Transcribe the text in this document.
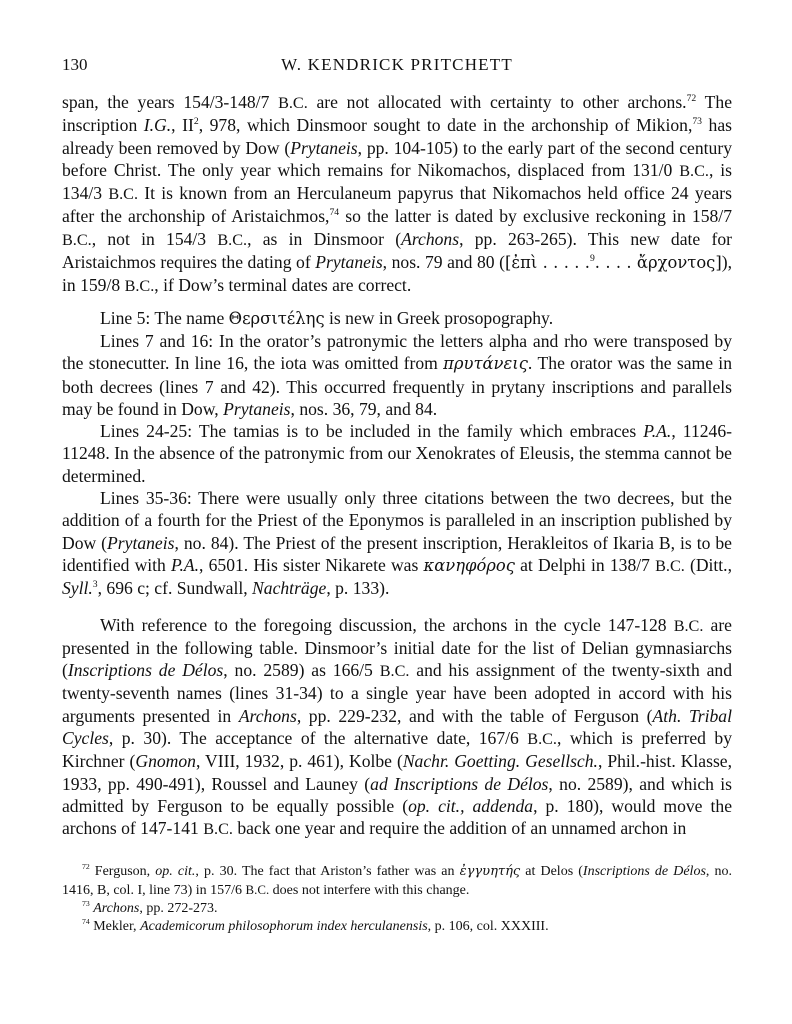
130	W. KENDRICK PRITCHETT

span, the years 154/3-148/7 B.C. are not allocated with certainty to other archons.$^{72}$ The inscription I.G., $II^2$, 978, which Dinsmoor sought to date in the archonship of Mikion,$^{73}$ has already been removed by Dow (Prytaneis, pp. 104-105) to the early part of the second century before Christ. The only year which remains for Nikomachos, displaced from 131/0 B.C., is 134/3 B.C. It is known from an Herculaneum papyrus that Nikomachos held office 24 years after the archonship of Aristaichmos,$^{74}$ so the latter is dated by exclusive reckoning in 158/7 B.C., not in 154/3 B.C., as in Dinsmoor (Archons, pp. 263-265). This new date for Aristaichmos requires the dating of Prytaneis, nos. 79 and 80 ([ἐπὶ . . . . .$^9$. . . . ἄρχοντος]), in 159/8 B.C., if Dow’s terminal dates are correct.

Line 5: The name Θερσιτέλης is new in Greek prosopography.

Lines 7 and 16: In the orator’s patronymic the letters alpha and rho were transposed by the stonecutter. In line 16, the iota was omitted from πρυτάνεις. The orator was the same in both decrees (lines 7 and 42). This occurred frequently in prytany inscriptions and parallels may be found in Dow, Prytaneis, nos. 36, 79, and 84.

Lines 24-25: The tamias is to be included in the family which embraces P.A., 11246-11248. In the absence of the patronymic from our Xenokrates of Eleusis, the stemma cannot be determined.

Lines 35-36: There were usually only three citations between the two decrees, but the addition of a fourth for the Priest of the Eponymos is paralleled in an inscription published by Dow (Prytaneis, no. 84). The Priest of the present inscription, Herakleitos of Ikaria B, is to be identified with P.A., 6501. His sister Nikarete was κανηφόρος at Delphi in 138/7 B.C. (Ditt., Syll.$^3$, 696 c; cf. Sundwall, Nachträge, p. 133).

With reference to the foregoing discussion, the archons in the cycle 147-128 B.C. are presented in the following table. Dinsmoor’s initial date for the list of Delian gymnasiarchs (Inscriptions de Délos, no. 2589) as 166/5 B.C. and his assignment of the twenty-sixth and twenty-seventh names (lines 31-34) to a single year have been adopted in accord with his arguments presented in Archons, pp. 229-232, and with the table of Ferguson (Ath. Tribal Cycles, p. 30). The acceptance of the alternative date, 167/6 B.C., which is preferred by Kirchner (Gnomon, VIII, 1932, p. 461), Kolbe (Nachr. Goetting. Gesellsch., Phil.-hist. Klasse, 1933, pp. 490-491), Roussel and Launey (ad Inscriptions de Délos, no. 2589), and which is admitted by Ferguson to be equally possible (op. cit., addenda, p. 180), would move the archons of 147-141 B.C. back one year and require the addition of an unnamed archon in

$^{72}$ Ferguson, op. cit., p. 30. The fact that Ariston’s father was an ἐγγυητής at Delos (Inscriptions de Délos, no. 1416, B, col. I, line 73) in 157/6 B.C. does not interfere with this change.

$^{73}$ Archons, pp. 272-273.

$^{74}$ Mekler, Academicorum philosophorum index herculanensis, p. 106, col. XXXIII.
